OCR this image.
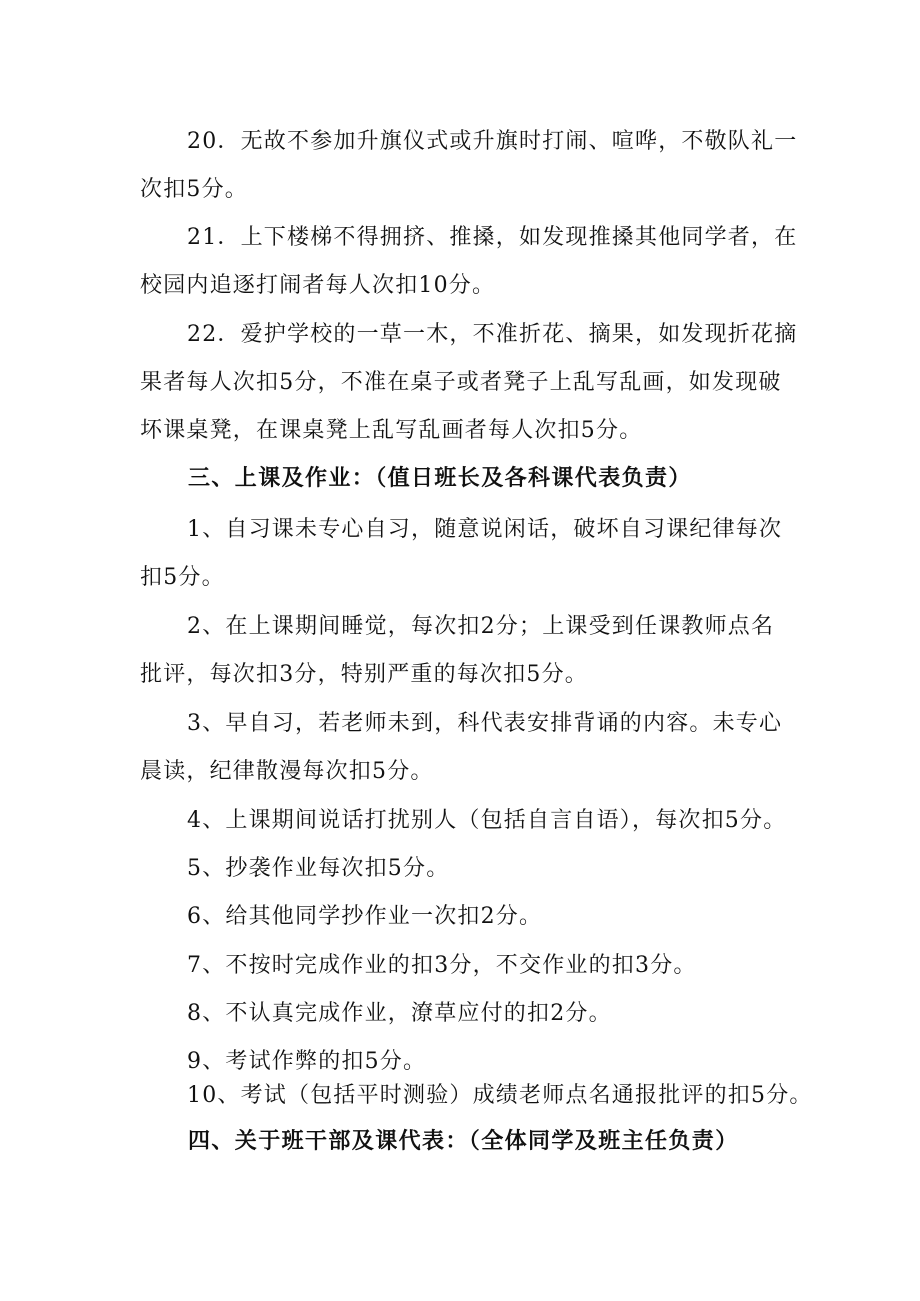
20．无故不参加升旗仪式或升旗时打闹、喧哗，不敬队礼一
次扣5分。

21．上下楼梯不得拥挤、推搡，如发现推搡其他同学者，在
校园内追逐打闹者每人次扣10分。

22．爱护学校的一草一木，不准折花、摘果，如发现折花摘
果者每人次扣5分，不准在桌子或者凳子上乱写乱画，如发现破
坏课桌凳，在课桌凳上乱写乱画者每人次扣5分。

三、上课及作业：（值日班长及各科课代表负责）

1、自习课未专心自习，随意说闲话，破坏自习课纪律每次
扣5分。

2、在上课期间睡觉，每次扣2分；上课受到任课教师点名
批评，每次扣3分，特别严重的每次扣5分。

3、早自习，若老师未到，科代表安排背诵的内容。未专心
晨读，纪律散漫每次扣5分。

4、上课期间说话打扰别人（包括自言自语），每次扣5分。

5、抄袭作业每次扣5分。

6、给其他同学抄作业一次扣2分。

7、不按时完成作业的扣3分，不交作业的扣3分。

8、不认真完成作业，潦草应付的扣2分。

9、考试作弊的扣5分。

10、考试（包括平时测验）成绩老师点名通报批评的扣5分。

四、关于班干部及课代表：（全体同学及班主任负责）
